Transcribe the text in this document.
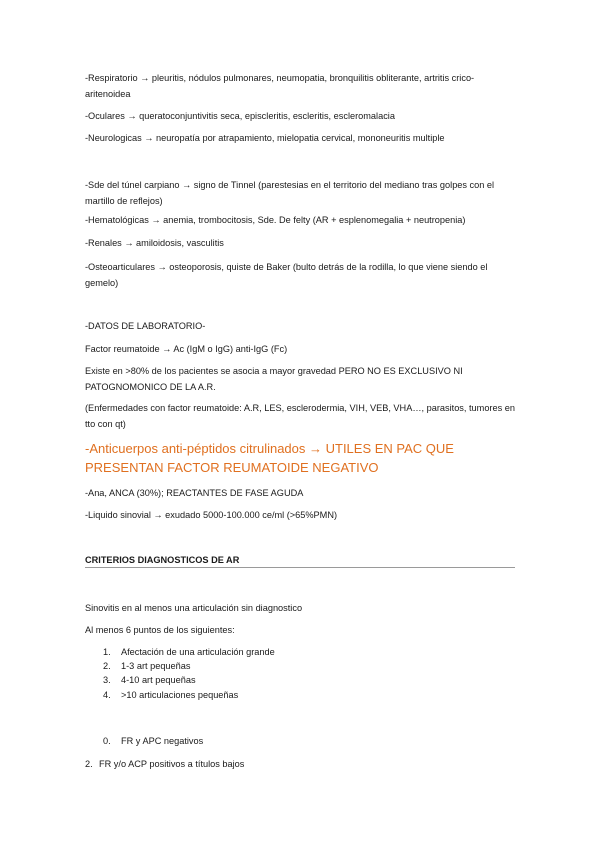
-Respiratorio → pleuritis, nódulos pulmonares, neumopatia, bronquilitis obliterante, artritis crico-aritenoidea
-Oculares → queratoconjuntivitis seca, episcleritis, escleritis, escleromalacia
-Neurologicas → neuropatía por atrapamiento, mielopatia cervical, mononeuritis multiple
-Sde del túnel carpiano → signo de Tinnel (parestesias en el territorio del mediano tras golpes con el martillo de reflejos)
-Hematológicas → anemia, trombocitosis, Sde. De felty (AR + esplenomegalia + neutropenia)
-Renales → amiloidosis, vasculitis
-Osteoarticulares → osteoporosis, quiste de Baker (bulto detrás de la rodilla, lo que viene siendo el gemelo)
-DATOS DE LABORATORIO-
Factor reumatoide → Ac (IgM o IgG) anti-IgG (Fc)
Existe en >80% de los pacientes se asocia a mayor gravedad PERO NO ES EXCLUSIVO NI PATOGNOMONICO DE LA A.R.
(Enfermedades con factor reumatoide: A.R, LES, esclerodermia, VIH, VEB, VHA…, parasitos, tumores en tto con qt)
-Anticuerpos anti-péptidos citrulinados → UTILES EN PAC QUE PRESENTAN FACTOR REUMATOIDE NEGATIVO
-Ana, ANCA (30%); REACTANTES DE FASE AGUDA
-Liquido sinovial → exudado 5000-100.000 ce/ml (>65%PMN)
CRITERIOS DIAGNOSTICOS DE AR
Sinovitis en al menos una articulación sin diagnostico
Al menos 6 puntos de los siguientes:
1. Afectación de una articulación grande
2. 1-3 art pequeñas
3. 4-10 art pequeñas
4. >10 articulaciones pequeñas
0. FR y APC negativos
2. FR y/o ACP positivos a títulos bajos
